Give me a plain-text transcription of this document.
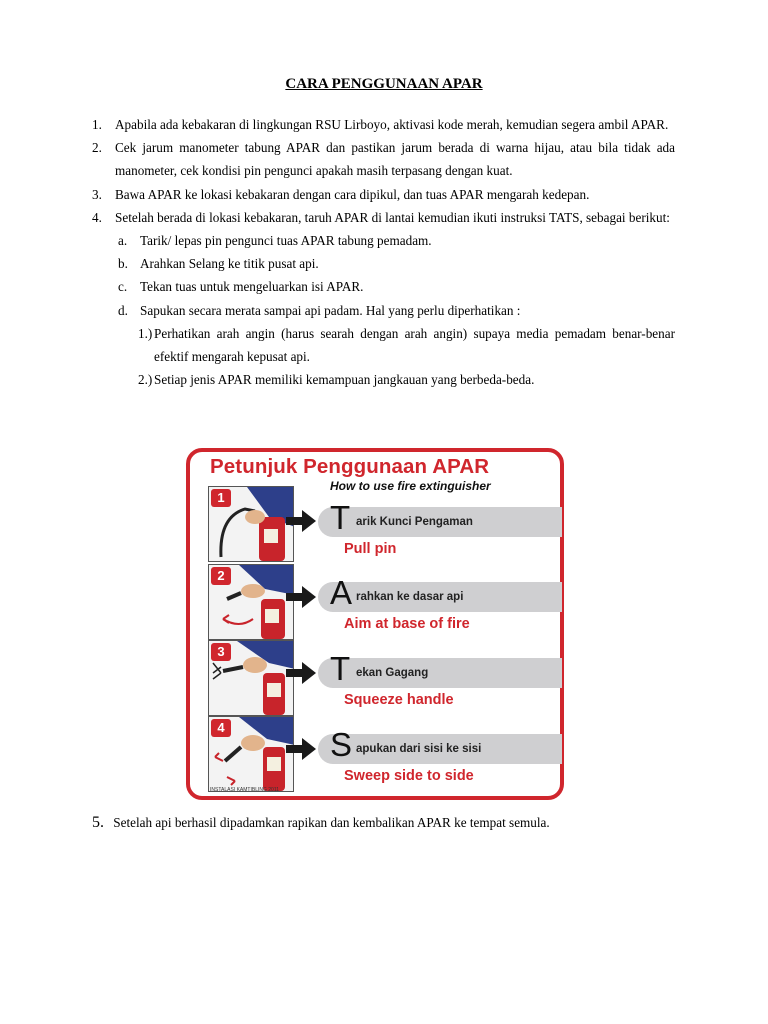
CARA PENGGUNAAN APAR
1. Apabila ada kebakaran di lingkungan RSU Lirboyo, aktivasi kode merah, kemudian segera ambil APAR.
2. Cek jarum manometer tabung APAR dan pastikan jarum berada di warna hijau, atau bila tidak ada manometer, cek kondisi pin pengunci apakah masih terpasang dengan kuat.
3. Bawa APAR ke lokasi kebakaran dengan cara dipikul, dan tuas APAR mengarah kedepan.
4. Setelah berada di lokasi kebakaran, taruh APAR di lantai kemudian ikuti instruksi TATS, sebagai berikut:
a. Tarik/ lepas pin pengunci tuas APAR tabung pemadam.
b. Arahkan Selang ke titik pusat api.
c. Tekan tuas untuk mengeluarkan isi APAR.
d. Sapukan secara merata sampai api padam. Hal yang perlu diperhatikan :
1.) Perhatikan arah angin (harus searah dengan arah angin) supaya media pemadam benar-benar efektif mengarah kepusat api.
2.) Setiap jenis APAR memiliki kemampuan jangkauan yang berbeda-beda.
Petunjuk Penggunaan APAR
How to use fire extinguisher
1
T arik Kunci Pengaman
Pull pin
2	A rahkan ke dasar api
Aim at base of fire
3	T ekan Gagang
Squeeze handle
4	S apukan dari sisi ke sisi
Sweep side to side
INSTALASI KAMTIBLING 2011
5. Setelah api berhasil dipadamkan rapikan dan kembalikan APAR ke tempat semula.
